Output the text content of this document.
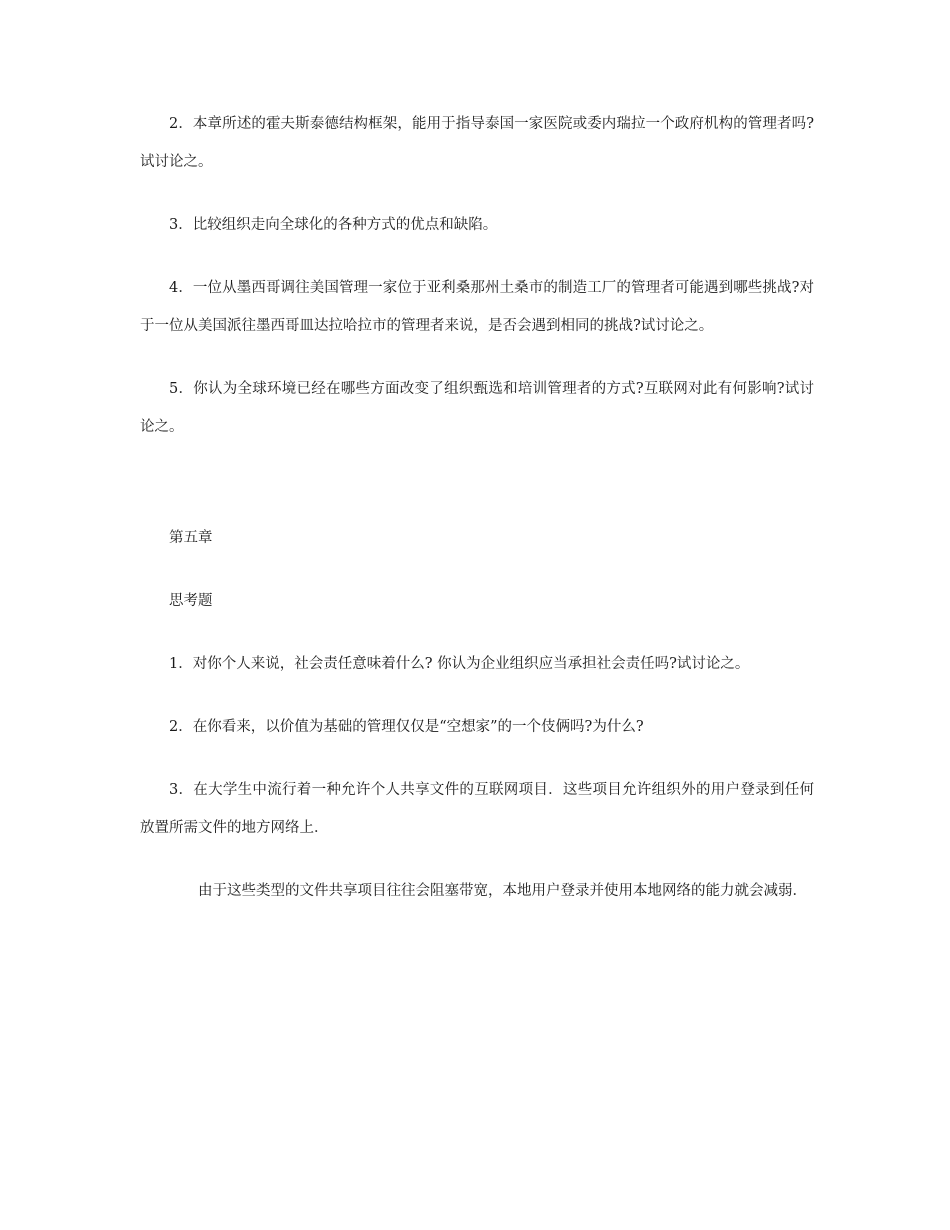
2．本章所述的霍夫斯泰德结构框架，能用于指导泰国一家医院或委内瑞拉一个政府机构的管理者吗?试讨论之。

3．比较组织走向全球化的各种方式的优点和缺陷。

4．一位从墨西哥调往美国管理一家位于亚利桑那州土桑市的制造工厂的管理者可能遇到哪些挑战?对于一位从美国派往墨西哥皿达拉哈拉市的管理者来说，是否会遇到相同的挑战?试讨论之。

5．你认为全球环境已经在哪些方面改变了组织甄选和培训管理者的方式?互联网对此有何影响?试讨论之。

第五章

思考题

1．对你个人来说，社会责任意味着什么? 你认为企业组织应当承担社会责任吗?试讨论之。

2．在你看来，以价值为基础的管理仅仅是“空想家”的一个伎俩吗?为什么?

3．在大学生中流行着一种允许个人共享文件的互联网项目．这些项目允许组织外的用户登录到任何放置所需文件的地方网络上．

由于这些类型的文件共享项目往往会阻塞带宽，本地用户登录并使用本地网络的能力就会减弱．
